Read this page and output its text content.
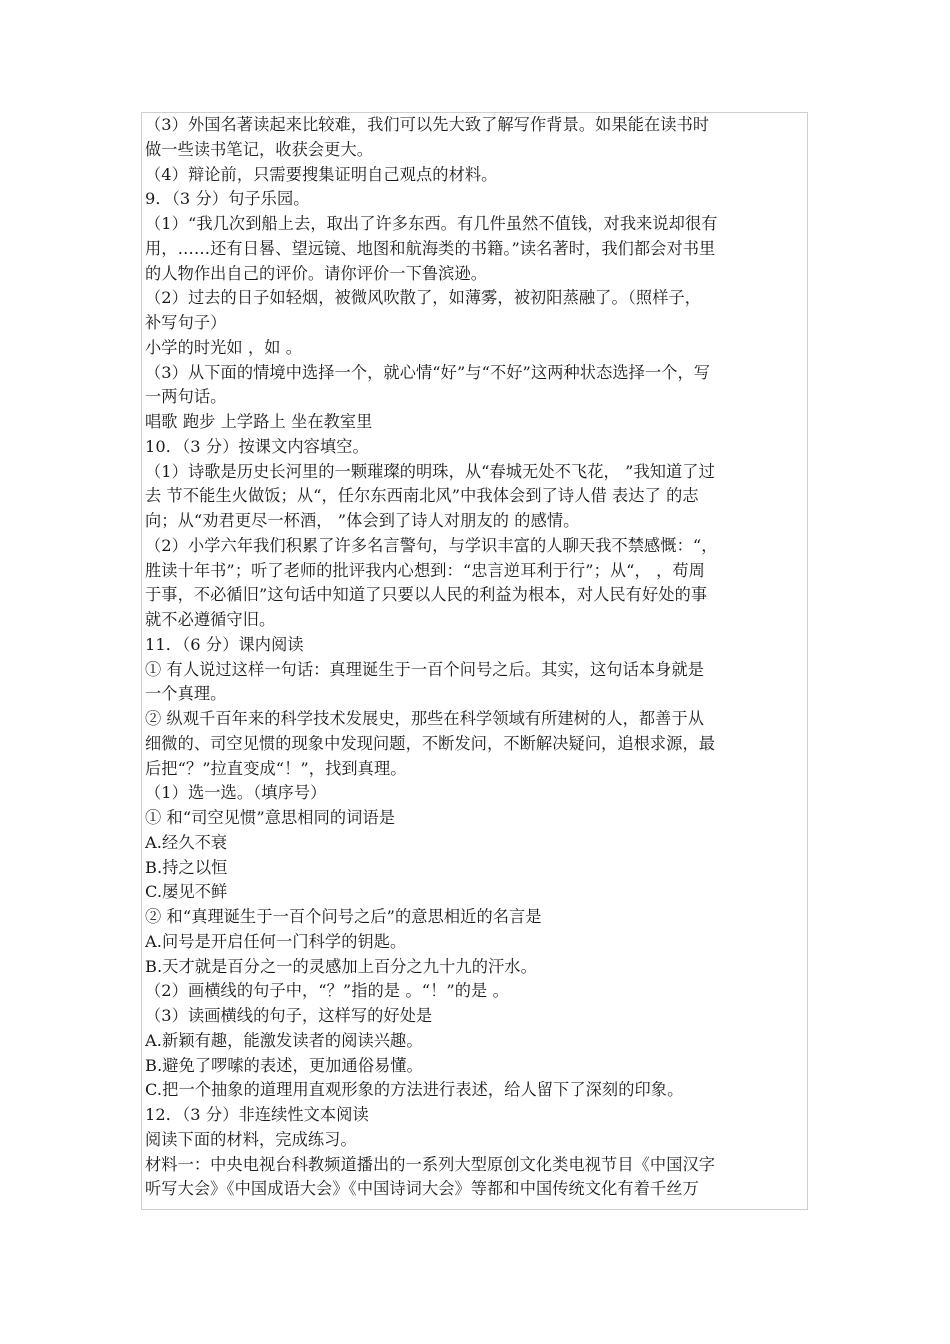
（3）外国名著读起来比较难，我们可以先大致了解写作背景。如果能在读书时
做一些读书笔记，收获会更大。
（4）辩论前，只需要搜集证明自己观点的材料。
9．（3 分）句子乐园。
（1）“我几次到船上去，取出了许多东西。有几件虽然不值钱，对我来说却很有
用，……还有日晷、望远镜、地图和航海类的书籍。”读名著时，我们都会对书里
的人物作出自己的评价。请你评价一下鲁滨逊。
（2）过去的日子如轻烟，被微风吹散了，如薄雾，被初阳蒸融了。（照样子，
补写句子）
小学的时光如 ，如 。
（3）从下面的情境中选择一个，就心情“好”与“不好”这两种状态选择一个，写
一两句话。
唱歌 跑步 上学路上 坐在教室里
10．（3 分）按课文内容填空。
（1）诗歌是历史长河里的一颗璀璨的明珠，从“春城无处不飞花， ”我知道了过
去 节不能生火做饭；从“，任尔东西南北风”中我体会到了诗人借 表达了 的志
向；从“劝君更尽一杯酒， ”体会到了诗人对朋友的 的感情。
（2）小学六年我们积累了许多名言警句，与学识丰富的人聊天我不禁感慨：“，
胜读十年书”；听了老师的批评我内心想到：“忠言逆耳利于行”；从“， ，苟周
于事，不必循旧”这句话中知道了只要以人民的利益为根本，对人民有好处的事
就不必遵循守旧。
11．（6 分）课内阅读
① 有人说过这样一句话：真理诞生于一百个问号之后。其实，这句话本身就是
一个真理。
② 纵观千百年来的科学技术发展史，那些在科学领域有所建树的人，都善于从
细微的、司空见惯的现象中发现问题，不断发问，不断解决疑问，追根求源，最
后把“？”拉直变成“！”，找到真理。
（1）选一选。（填序号）
① 和“司空见惯”意思相同的词语是
A.经久不衰
B.持之以恒
C.屡见不鲜
② 和“真理诞生于一百个问号之后”的意思相近的名言是
A.问号是开启任何一门科学的钥匙。
B.天才就是百分之一的灵感加上百分之九十九的汗水。
（2）画横线的句子中，“？”指的是 。“！”的是 。
（3）读画横线的句子，这样写的好处是
A.新颖有趣，能激发读者的阅读兴趣。
B.避免了啰嗦的表述，更加通俗易懂。
C.把一个抽象的道理用直观形象的方法进行表述，给人留下了深刻的印象。
12．（3 分）非连续性文本阅读
阅读下面的材料，完成练习。
材料一：中央电视台科教频道播出的一系列大型原创文化类电视节目《中国汉字
听写大会》《中国成语大会》《中国诗词大会》等都和中国传统文化有着千丝万
